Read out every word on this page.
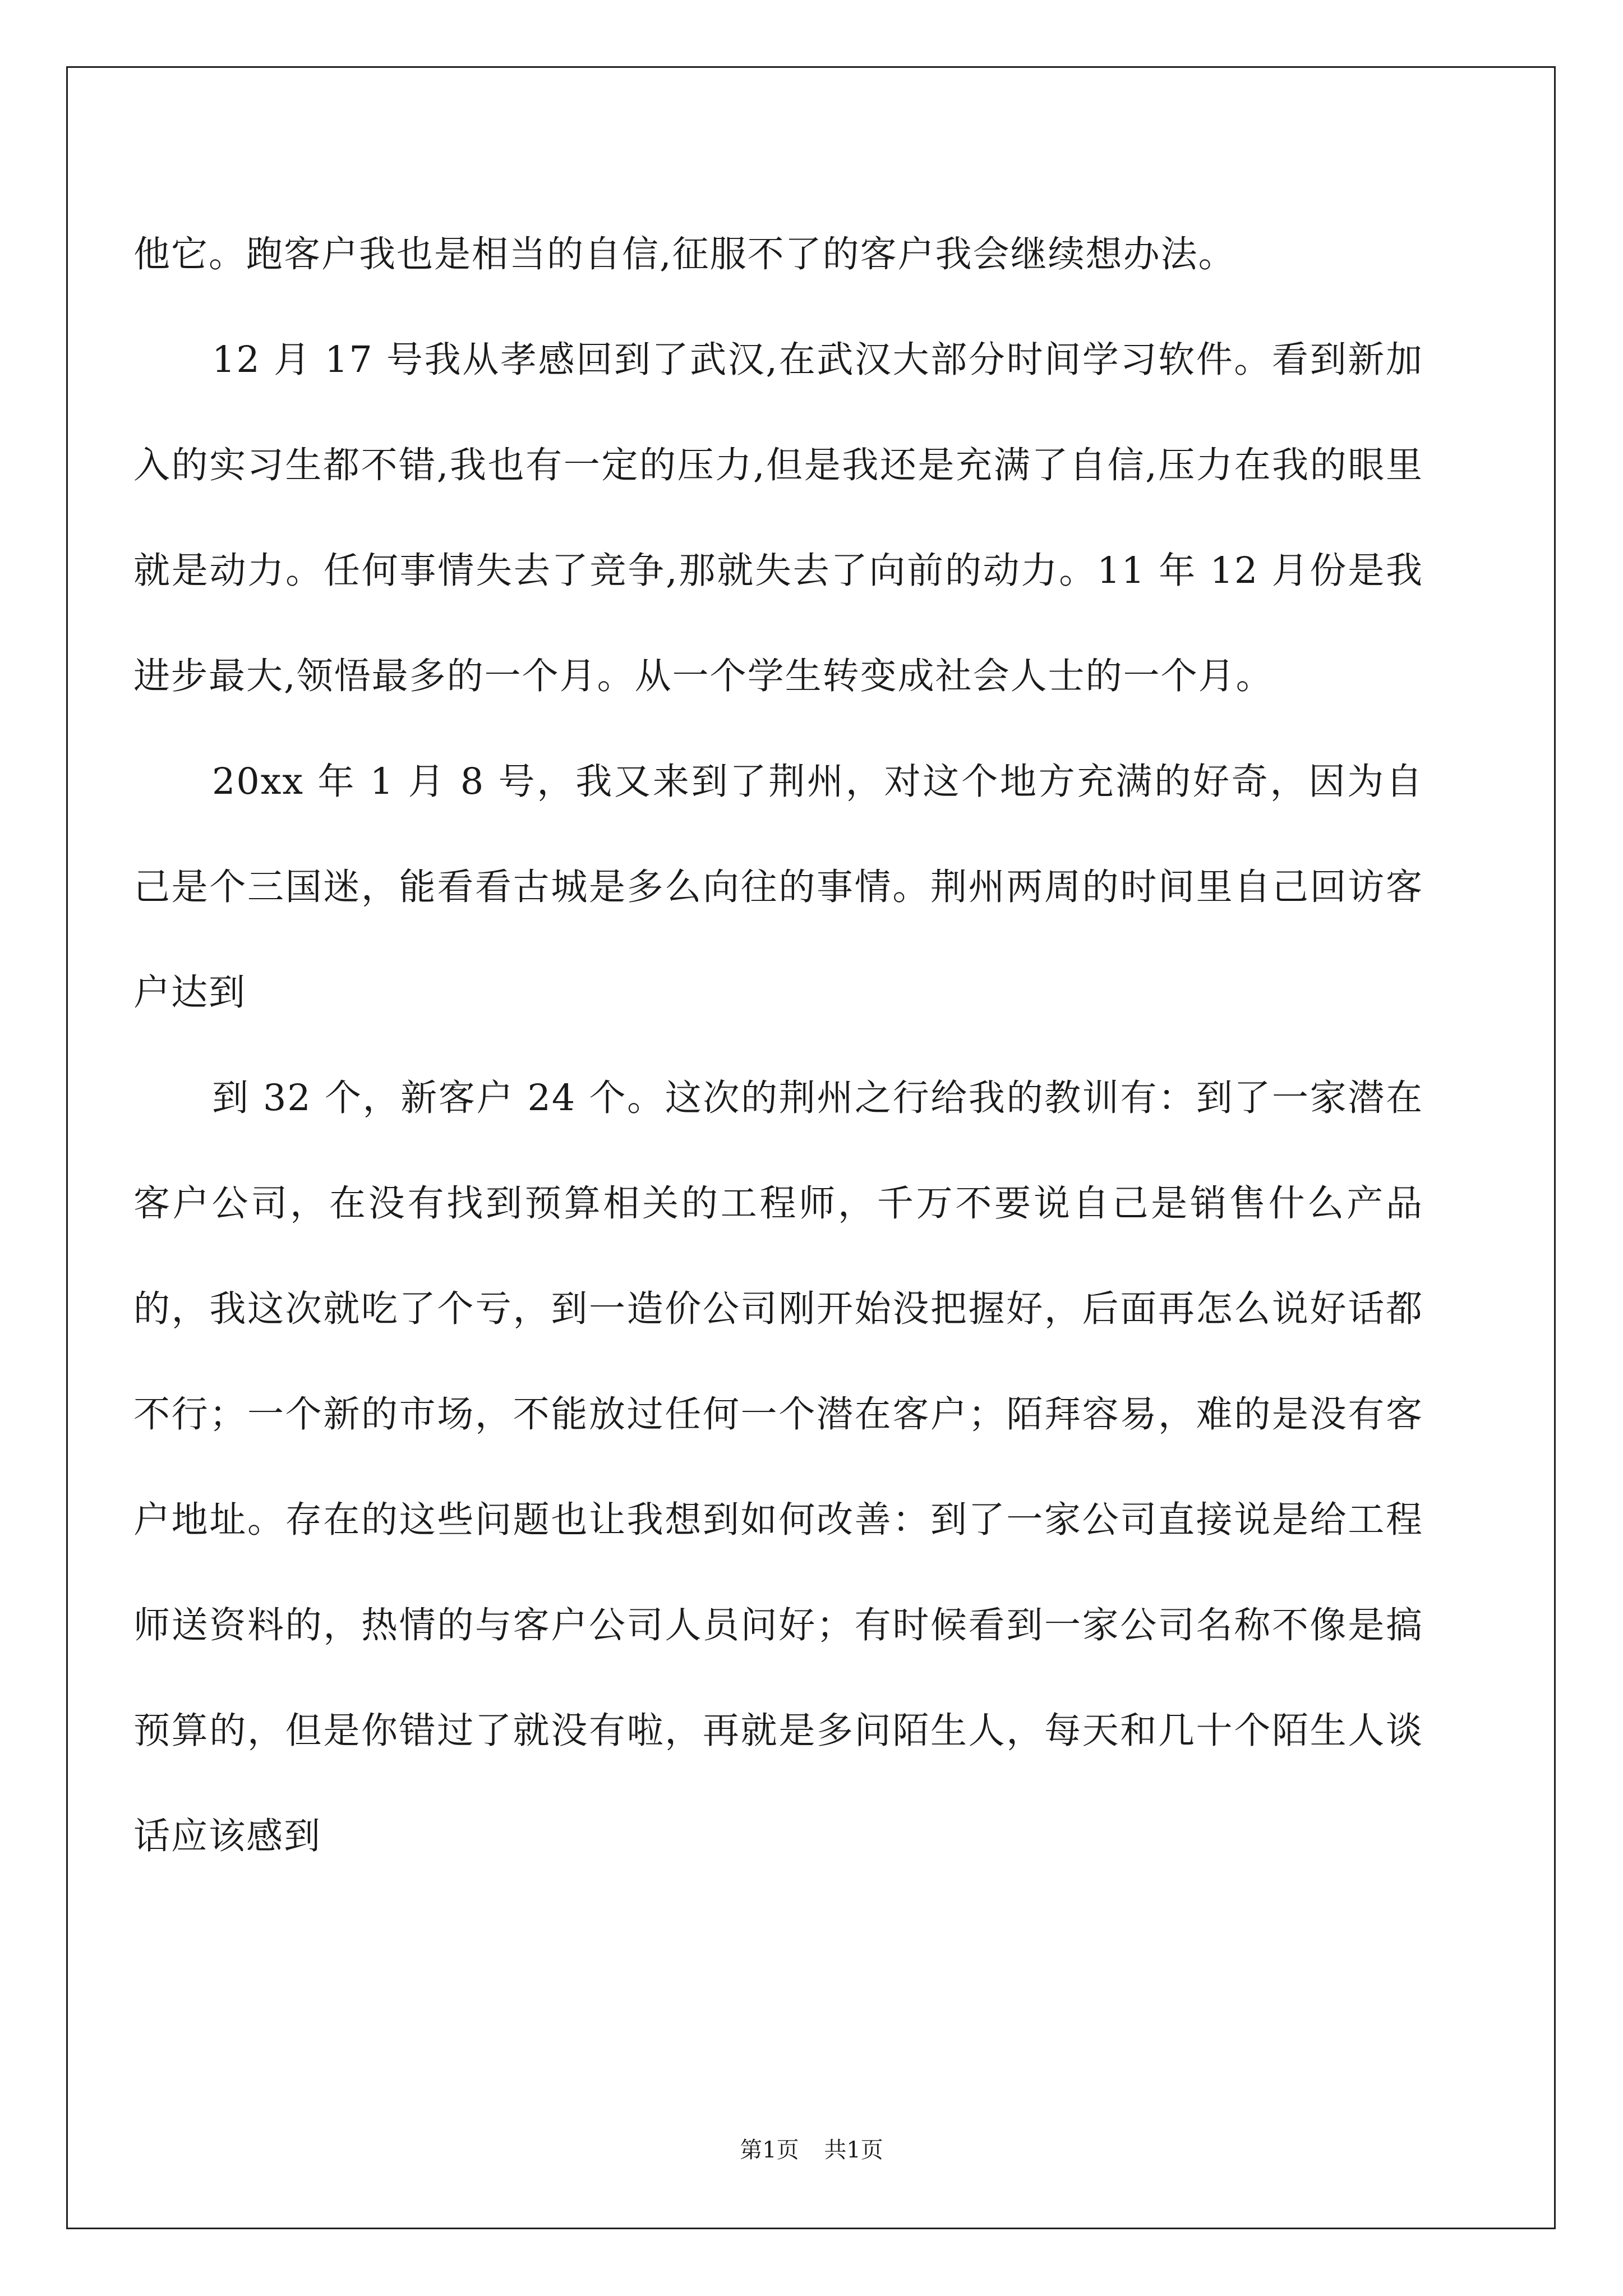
他它。跑客户我也是相当的自信,征服不了的客户我会继续想办法。

12 月 17 号我从孝感回到了武汉,在武汉大部分时间学习软件。看到新加入的实习生都不错,我也有一定的压力,但是我还是充满了自信,压力在我的眼里就是动力。任何事情失去了竞争,那就失去了向前的动力。11 年 12 月份是我进步最大,领悟最多的一个月。从一个学生转变成社会人士的一个月。

20xx 年 1 月 8 号，我又来到了荆州，对这个地方充满的好奇，因为自己是个三国迷，能看看古城是多么向往的事情。荆州两周的时间里自己回访客户达到

到 32 个，新客户 24 个。这次的荆州之行给我的教训有：到了一家潜在客户公司，在没有找到预算相关的工程师，千万不要说自己是销售什么产品的，我这次就吃了个亏，到一造价公司刚开始没把握好，后面再怎么说好话都不行；一个新的市场，不能放过任何一个潜在客户；陌拜容易，难的是没有客户地址。存在的这些问题也让我想到如何改善：到了一家公司直接说是给工程师送资料的，热情的与客户公司人员问好；有时候看到一家公司名称不像是搞预算的，但是你错过了就没有啦，再就是多问陌生人，每天和几十个陌生人谈话应该感到

第1页 共1页
